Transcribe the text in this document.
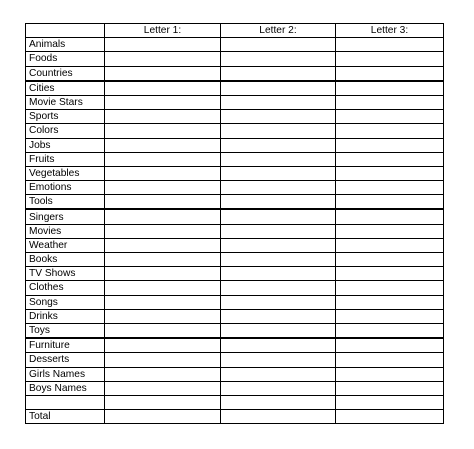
	Letter 1:	Letter 2:	Letter 3:
Animals			
Foods			
Countries			
Cities			
Movie Stars			
Sports			
Colors			
Jobs			
Fruits			
Vegetables			
Emotions			
Tools			
Singers			
Movies			
Weather			
Books			
TV Shows			
Clothes			
Songs			
Drinks			
Toys			
Furniture			
Desserts			
Girls Names			
Boys Names			

Total			
